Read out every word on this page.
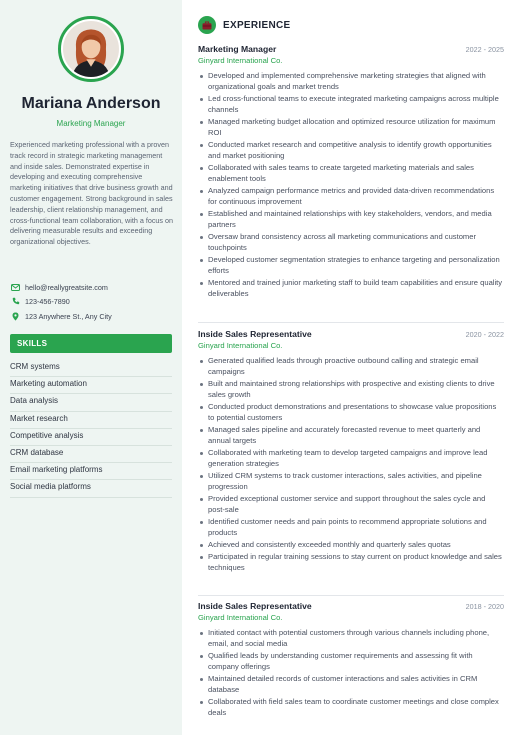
Mariana Anderson
Marketing Manager

Experienced marketing professional with a proven track record in strategic marketing management and inside sales. Demonstrated expertise in developing and executing comprehensive marketing initiatives that drive business growth and customer engagement. Strong background in sales leadership, client relationship management, and cross-functional team collaboration, with a focus on delivering measurable results and exceeding organizational objectives.

hello@reallygreatsite.com
123-456-7890
123 Anywhere St., Any City
SKILLS
CRM systems
Marketing automation
Data analysis
Market research
Competitive analysis
CRM database
Email marketing platforms
Social media platforms
EXPERIENCE
Marketing Manager	2022 - 2025
Ginyard International Co.
Developed and implemented comprehensive marketing strategies that aligned with organizational goals and market trends
Led cross-functional teams to execute integrated marketing campaigns across multiple channels
Managed marketing budget allocation and optimized resource utilization for maximum ROI
Conducted market research and competitive analysis to identify growth opportunities and market positioning
Collaborated with sales teams to create targeted marketing materials and sales enablement tools
Analyzed campaign performance metrics and provided data-driven recommendations for continuous improvement
Established and maintained relationships with key stakeholders, vendors, and media partners
Oversaw brand consistency across all marketing communications and customer touchpoints
Developed customer segmentation strategies to enhance targeting and personalization efforts
Mentored and trained junior marketing staff to build team capabilities and ensure quality deliverables
Inside Sales Representative	2020 - 2022
Ginyard International Co.
Generated qualified leads through proactive outbound calling and strategic email campaigns
Built and maintained strong relationships with prospective and existing clients to drive sales growth
Conducted product demonstrations and presentations to showcase value propositions to potential customers
Managed sales pipeline and accurately forecasted revenue to meet quarterly and annual targets
Collaborated with marketing team to develop targeted campaigns and improve lead generation strategies
Utilized CRM systems to track customer interactions, sales activities, and pipeline progression
Provided exceptional customer service and support throughout the sales cycle and post-sale
Identified customer needs and pain points to recommend appropriate solutions and products
Achieved and consistently exceeded monthly and quarterly sales quotas
Participated in regular training sessions to stay current on product knowledge and sales techniques
Inside Sales Representative	2018 - 2020
Ginyard International Co.
Initiated contact with potential customers through various channels including phone, email, and social media
Qualified leads by understanding customer requirements and assessing fit with company offerings
Maintained detailed records of customer interactions and sales activities in CRM database
Collaborated with field sales team to coordinate customer meetings and close complex deals
